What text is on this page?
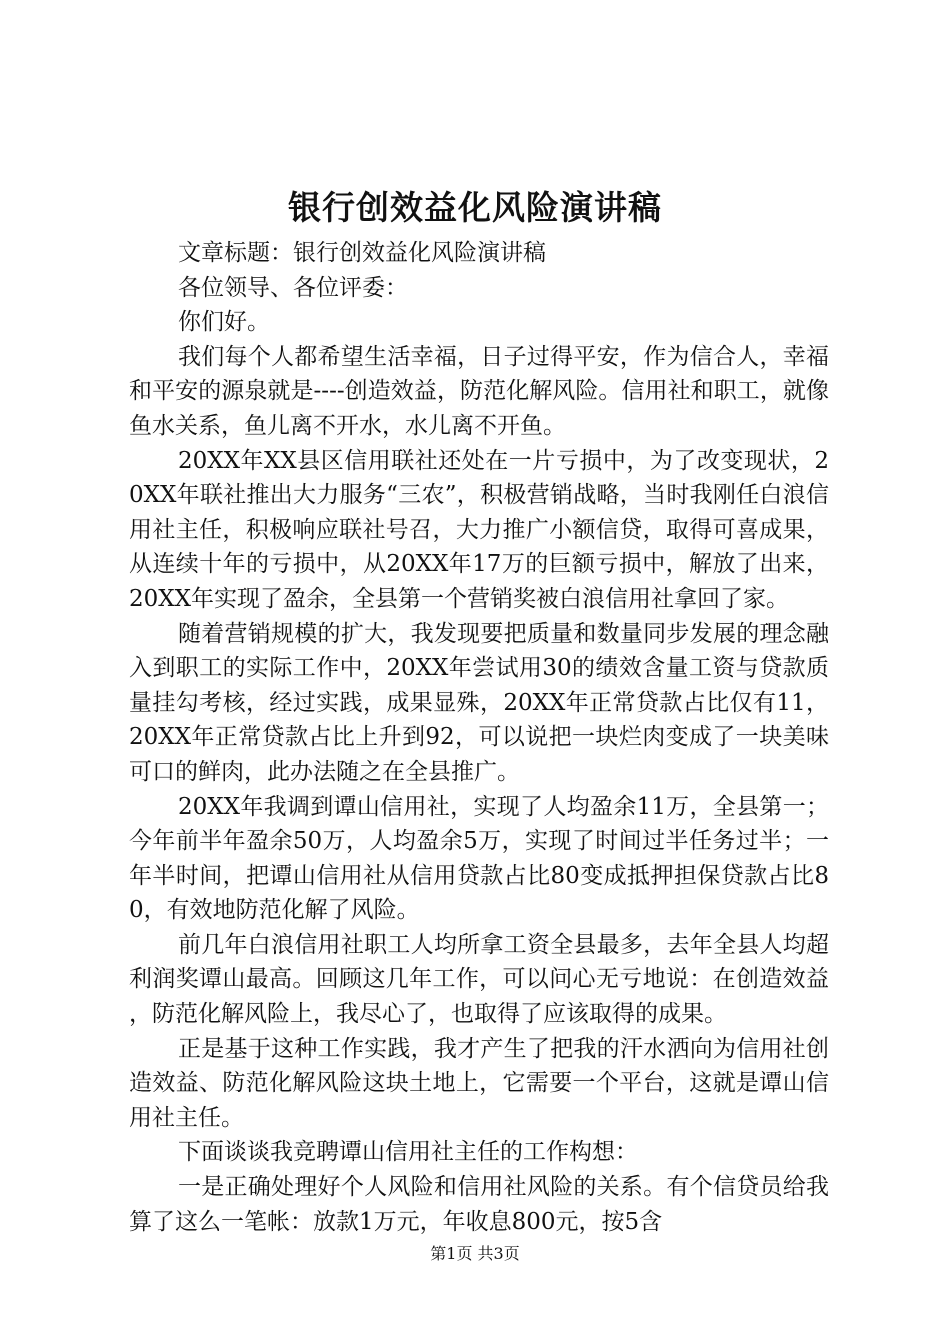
银行创效益化风险演讲稿

文章标题：银行创效益化风险演讲稿

各位领导、各位评委：

你们好。

我们每个人都希望生活幸福，日子过得平安，作为信合人，幸福和平安的源泉就是----创造效益，防范化解风险。信用社和职工，就像鱼水关系，鱼儿离不开水，水儿离不开鱼。

20XX年XX县区信用联社还处在一片亏损中，为了改变现状，20XX年联社推出大力服务“三农”，积极营销战略，当时我刚任白浪信用社主任，积极响应联社号召，大力推广小额信贷，取得可喜成果，从连续十年的亏损中，从20XX年17万的巨额亏损中，解放了出来，20XX年实现了盈余，全县第一个营销奖被白浪信用社拿回了家。

随着营销规模的扩大，我发现要把质量和数量同步发展的理念融入到职工的实际工作中，20XX年尝试用30的绩效含量工资与贷款质量挂勾考核，经过实践，成果显殊，20XX年正常贷款占比仅有11，20XX年正常贷款占比上升到92，可以说把一块烂肉变成了一块美味可口的鲜肉，此办法随之在全县推广。

20XX年我调到谭山信用社，实现了人均盈余11万，全县第一；今年前半年盈余50万，人均盈余5万，实现了时间过半任务过半；一年半时间，把谭山信用社从信用贷款占比80变成抵押担保贷款占比80，有效地防范化解了风险。

前几年白浪信用社职工人均所拿工资全县最多，去年全县人均超利润奖谭山最高。回顾这几年工作，可以问心无亏地说：在创造效益，防范化解风险上，我尽心了，也取得了应该取得的成果。

正是基于这种工作实践，我才产生了把我的汗水洒向为信用社创造效益、防范化解风险这块土地上，它需要一个平台，这就是谭山信用社主任。

下面谈谈我竞聘谭山信用社主任的工作构想：

一是正确处理好个人风险和信用社风险的关系。有个信贷员给我算了这么一笔帐：放款1万元，年收息800元，按5含

第1页 共3页
